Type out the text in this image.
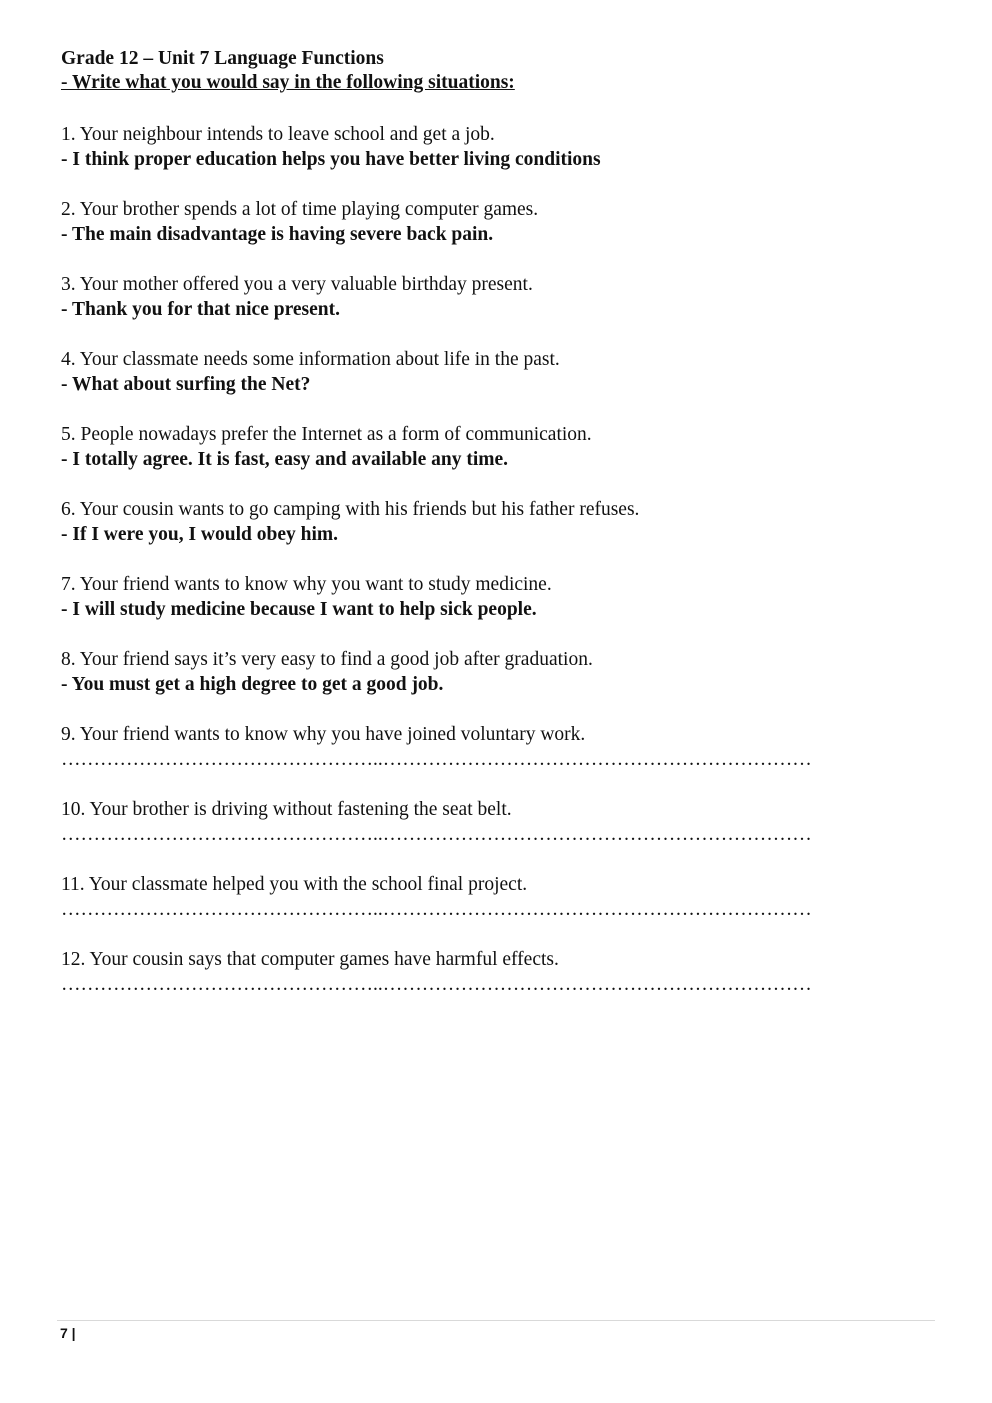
Grade 12 – Unit 7 Language Functions

- Write what you would say in the following situations:

1. Your neighbour intends to leave school and get a job.

- I think proper education helps you have better living conditions

2. Your brother spends a lot of time playing computer games.

- The main disadvantage is having severe back pain.

3. Your mother offered you a very valuable birthday present.

- Thank you for that nice present.

4. Your classmate needs some information about life in the past.

- What about surfing the Net?

5. People nowadays prefer the Internet as a form of communication.

- I totally agree. It is fast, easy and available any time.

6. Your cousin wants to go camping with his friends but his father refuses.

- If I were you, I would obey him.

7. Your friend wants to know why you want to study medicine.

- I will study medicine because I want to help sick people.

8. Your friend says it’s very easy to find a good job after graduation.

- You must get a high degree to get a good job.

9. Your friend wants to know why you have joined voluntary work.

…………………………………………..…………………………………………………………

10. Your brother is driving without fastening the seat belt.

…………………………………………..…………………………………………………………

11. Your classmate helped you with the school final project.

…………………………………………..…………………………………………………………

12. Your cousin says that computer games have harmful effects.

…………………………………………..…………………………………………………………

7 |
